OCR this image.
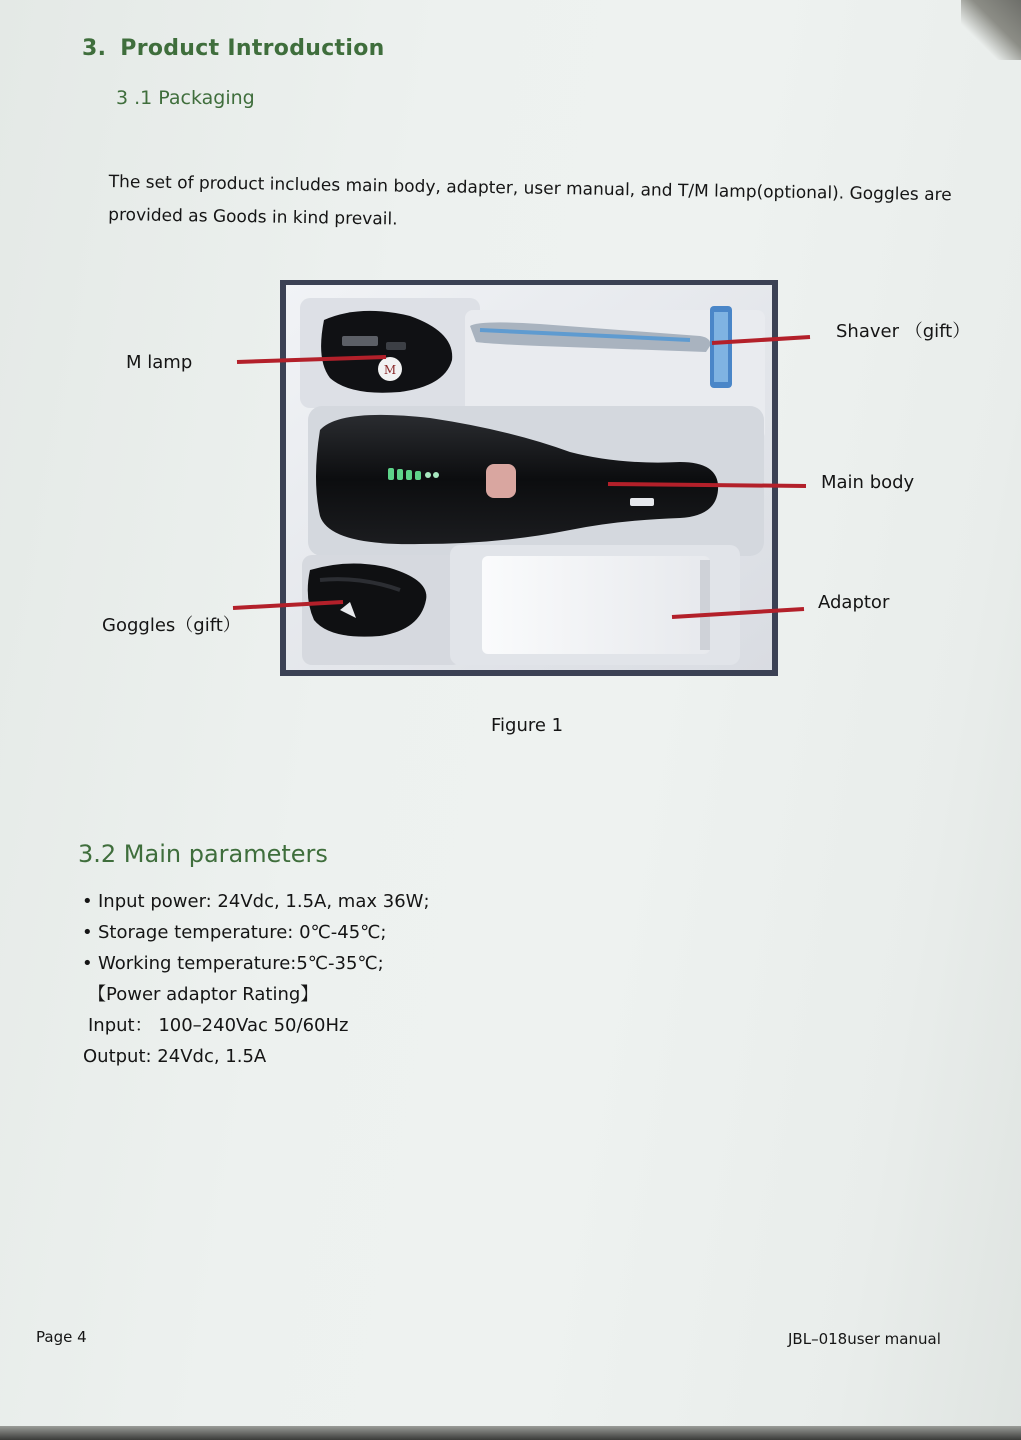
3. Product Introduction
3 .1 Packaging
The set of product includes main body, adapter, user manual, and T/M lamp(optional). Goggles are provided as Goods in kind prevail.
M
M lamp
Shaver （gift）
Main body
Adaptor
Goggles（gift）
Figure 1
3.2 Main parameters
• Input power: 24Vdc, 1.5A, max 36W;
• Storage temperature: 0℃-45℃;
• Working temperature:5℃-35℃;
【Power adaptor Rating】
Input： 100–240Vac 50/60Hz
Output: 24Vdc, 1.5A
Page 4	JBL–018user manual
